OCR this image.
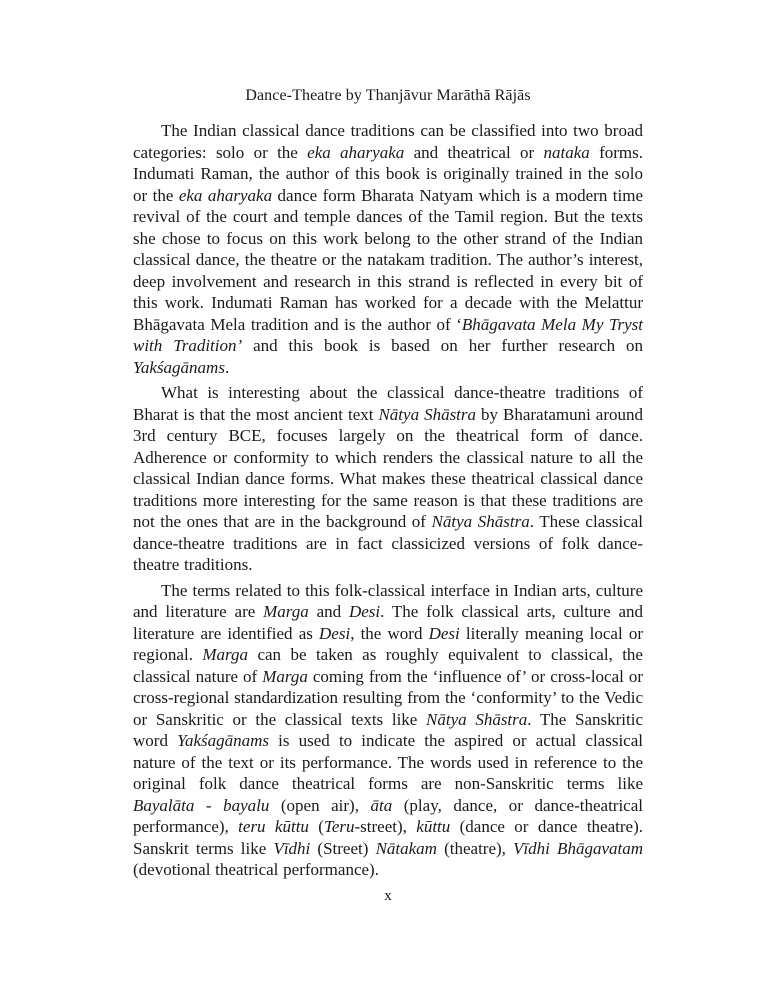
Dance-Theatre by Thanjāvur Marāthā Rājās

The Indian classical dance traditions can be classified into two broad categories: solo or the eka aharyaka and theatrical or nataka forms. Indumati Raman, the author of this book is originally trained in the solo or the eka aharyaka dance form Bharata Natyam which is a modern time revival of the court and temple dances of the Tamil region. But the texts she chose to focus on this work belong to the other strand of the Indian classical dance, the theatre or the natakam tradition. The author’s interest, deep involvement and research in this strand is reflected in every bit of this work. Indumati Raman has worked for a decade with the Melattur Bhāgavata Mela tradition and is the author of ‘Bhāgavata Mela My Tryst with Tradition’ and this book is based on her further research on Yakśagānams.

What is interesting about the classical dance-theatre traditions of Bharat is that the most ancient text Nātya Shāstra by Bharatamuni around 3rd century BCE, focuses largely on the theatrical form of dance. Adherence or conformity to which renders the classical nature to all the classical Indian dance forms. What makes these theatrical classical dance traditions more interesting for the same reason is that these traditions are not the ones that are in the background of Nātya Shāstra. These classical dance-theatre traditions are in fact classicized versions of folk dance-theatre traditions.

The terms related to this folk-classical interface in Indian arts, culture and literature are Marga and Desi. The folk classical arts, culture and literature are identified as Desi, the word Desi literally meaning local or regional. Marga can be taken as roughly equivalent to classical, the classical nature of Marga coming from the ‘influence of’ or cross-local or cross-regional standardization resulting from the ‘conformity’ to the Vedic or Sanskritic or the classical texts like Nātya Shāstra. The Sanskritic word Yakśagānams is used to indicate the aspired or actual classical nature of the text or its performance. The words used in reference to the original folk dance theatrical forms are non-Sanskritic terms like Bayalāta - bayalu (open air), āta (play, dance, or dance-theatrical performance), teru kūttu (Teru-street), kūttu (dance or dance theatre). Sanskrit terms like Vīdhi (Street) Nātakam (theatre), Vīdhi Bhāgavatam (devotional theatrical performance).

x
